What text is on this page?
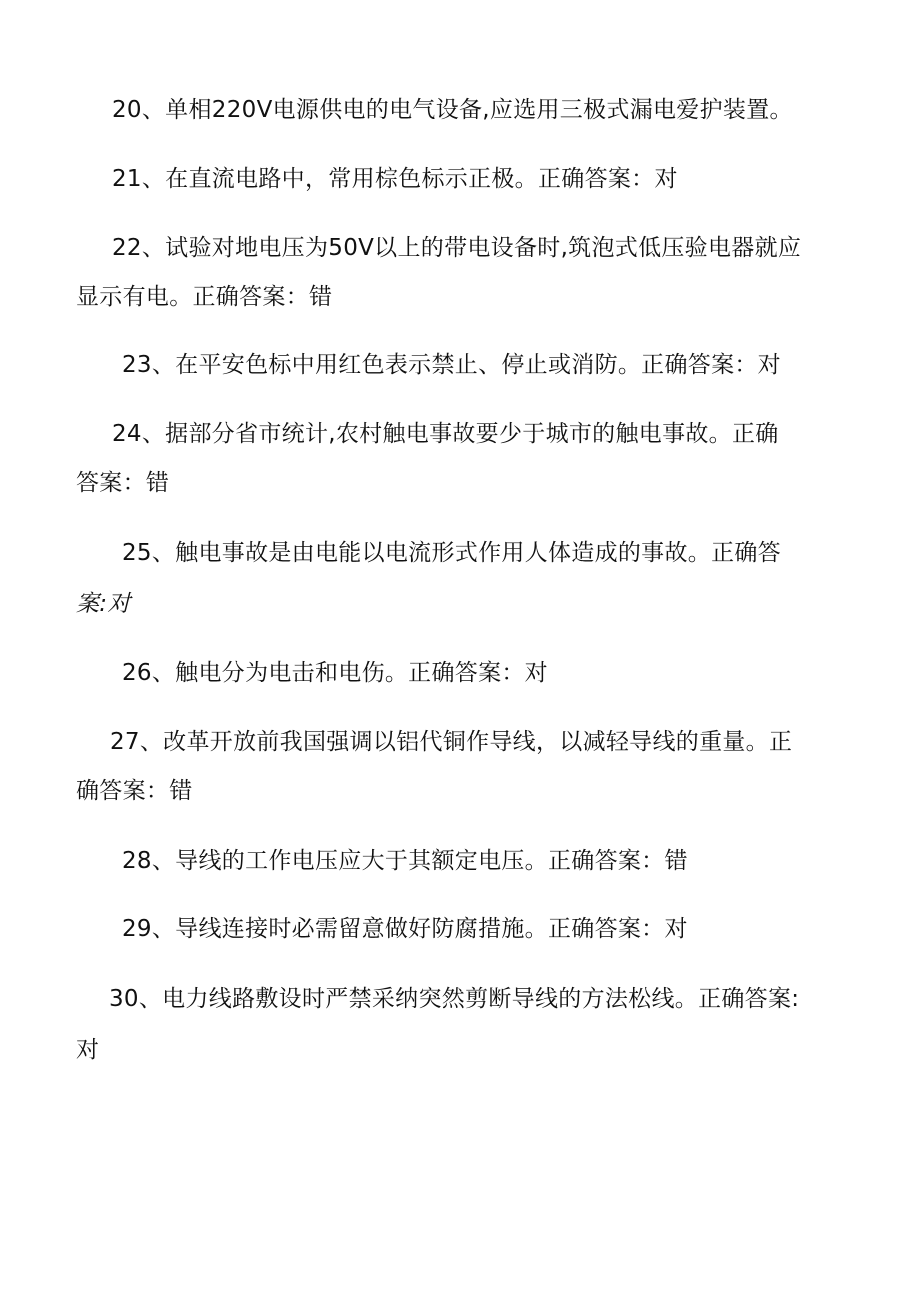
20、单相220V电源供电的电气设备,应选用三极式漏电爱护装置。
21、在直流电路中，常用棕色标示正极。正确答案：对
22、试验对地电压为50V以上的带电设备时,筑泡式低压验电器就应
显示有电。正确答案：错
23、在平安色标中用红色表示禁止、停止或消防。正确答案：对
24、据部分省市统计,农村触电事故要少于城市的触电事故。正确
答案：错
25、触电事故是由电能以电流形式作用人体造成的事故。正确答
案:对
26、触电分为电击和电伤。正确答案：对
27、改革开放前我国强调以铝代铜作导线，以减轻导线的重量。正
确答案：错
28、导线的工作电压应大于其额定电压。正确答案：错
29、导线连接时必需留意做好防腐措施。正确答案：对
30、电力线路敷设时严禁采纳突然剪断导线的方法松线。正确答案:
对
